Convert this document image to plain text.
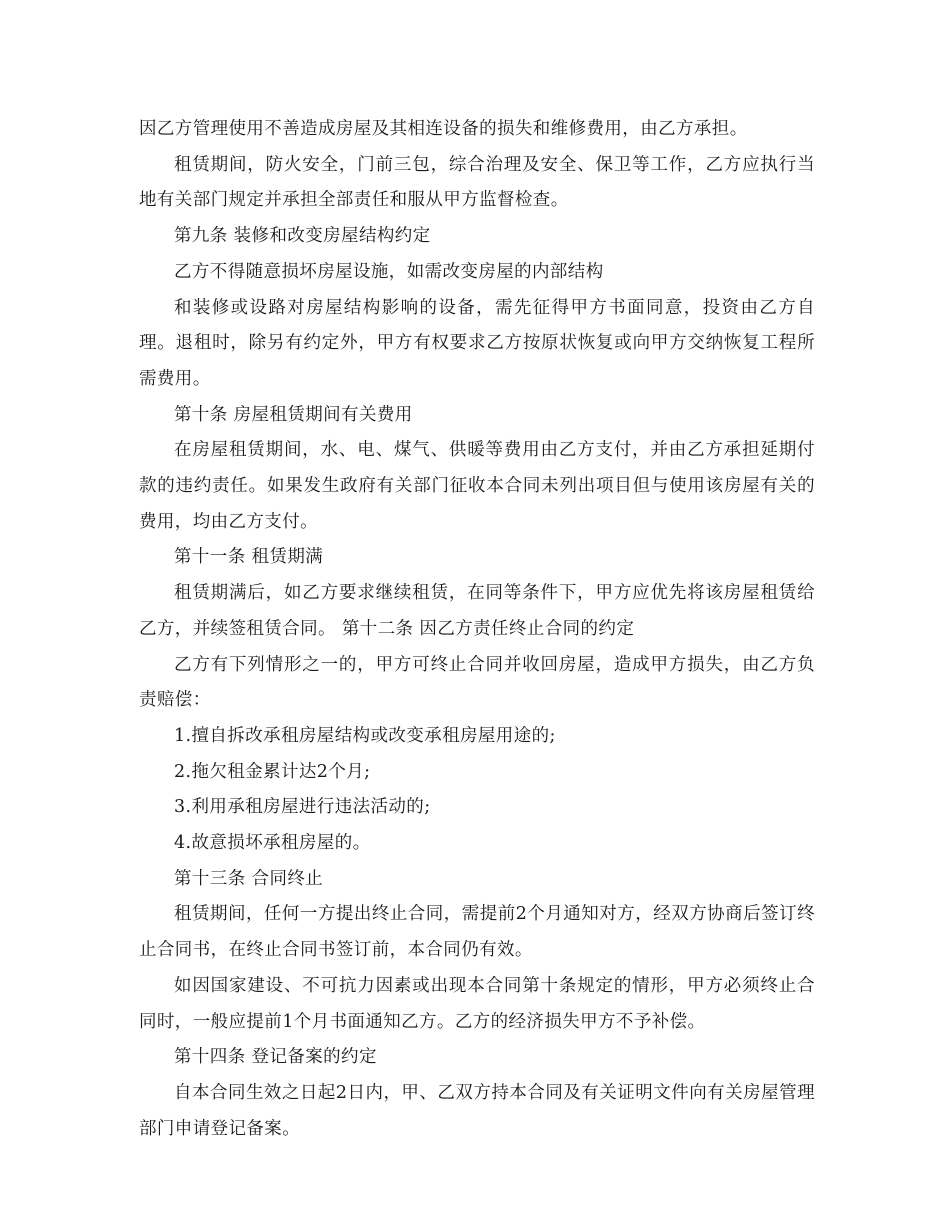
因乙方管理使用不善造成房屋及其相连设备的损失和维修费用，由乙方承担。

租赁期间，防火安全，门前三包，综合治理及安全、保卫等工作，乙方应执行当地有关部门规定并承担全部责任和服从甲方监督检查。

第九条 装修和改变房屋结构约定

乙方不得随意损坏房屋设施，如需改变房屋的内部结构

和装修或设路对房屋结构影响的设备，需先征得甲方书面同意，投资由乙方自理。退租时，除另有约定外，甲方有权要求乙方按原状恢复或向甲方交纳恢复工程所需费用。

第十条 房屋租赁期间有关费用

在房屋租赁期间，水、电、煤气、供暖等费用由乙方支付，并由乙方承担延期付款的违约责任。如果发生政府有关部门征收本合同未列出项目但与使用该房屋有关的费用，均由乙方支付。

第十一条 租赁期满

租赁期满后，如乙方要求继续租赁，在同等条件下，甲方应优先将该房屋租赁给乙方，并续签租赁合同。 第十二条 因乙方责任终止合同的约定

乙方有下列情形之一的，甲方可终止合同并收回房屋，造成甲方损失，由乙方负责赔偿：

1.擅自拆改承租房屋结构或改变承租房屋用途的;

2.拖欠租金累计达2个月;

3.利用承租房屋进行违法活动的;

4.故意损坏承租房屋的。

第十三条 合同终止

租赁期间，任何一方提出终止合同，需提前2个月通知对方，经双方协商后签订终止合同书，在终止合同书签订前，本合同仍有效。

如因国家建设、不可抗力因素或出现本合同第十条规定的情形，甲方必须终止合同时，一般应提前1个月书面通知乙方。乙方的经济损失甲方不予补偿。

第十四条 登记备案的约定

自本合同生效之日起2日内，甲、乙双方持本合同及有关证明文件向有关房屋管理部门申请登记备案。
